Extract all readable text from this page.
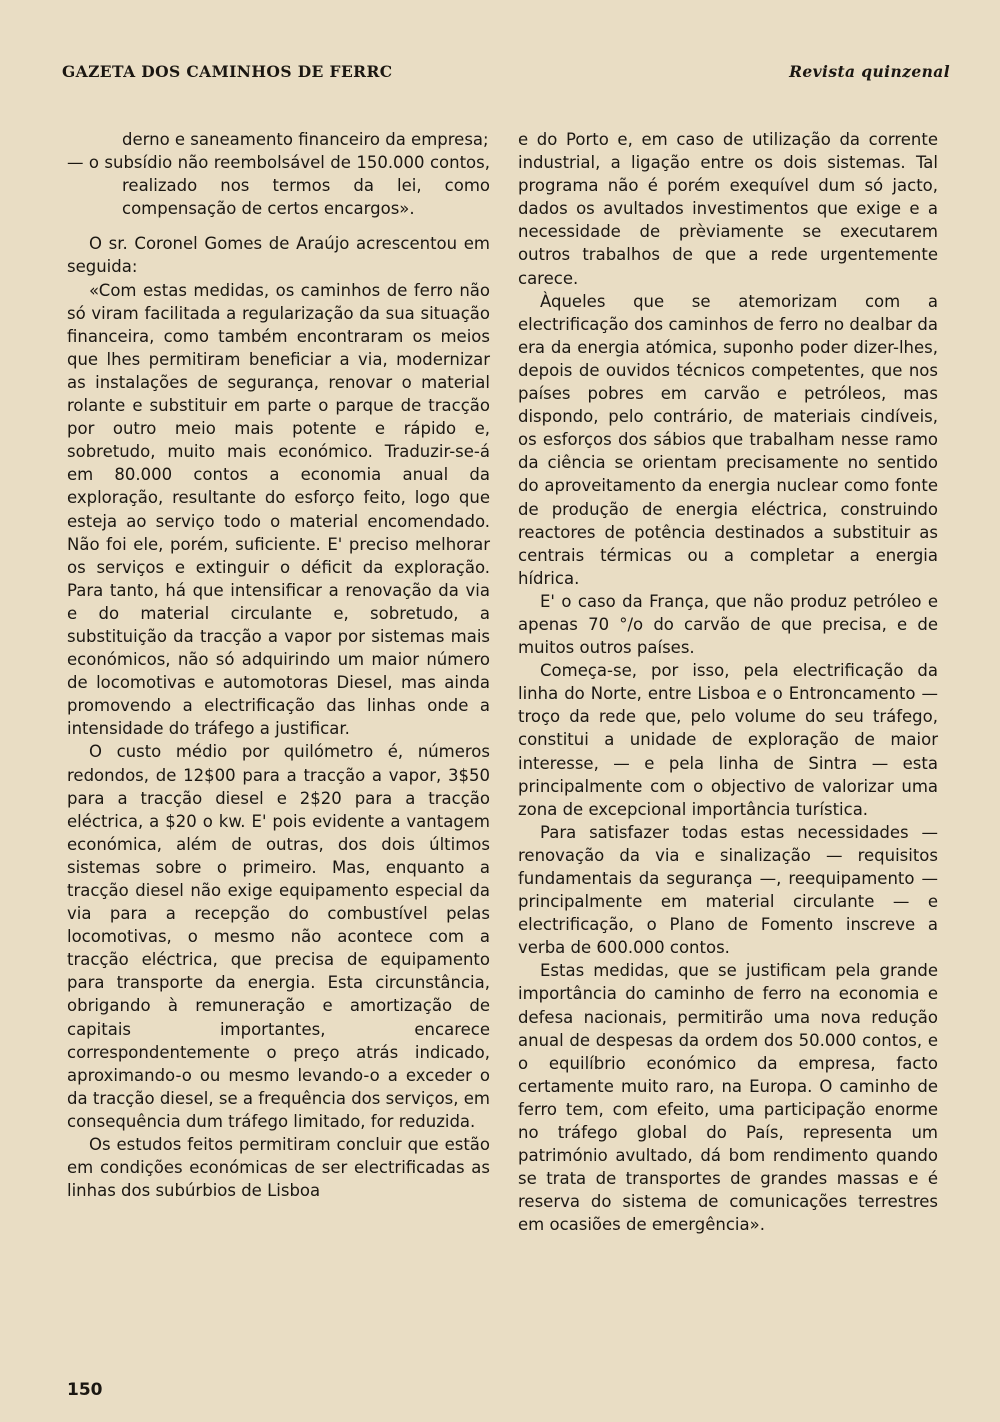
GAZETA DOS CAMINHOS DE FERRC	Revista quinzenal

derno e saneamento financeiro da empresa;

— o subsídio não reembolsável de 150.000 contos, realizado nos termos da lei, como compensação de certos encargos».

O sr. Coronel Gomes de Araújo acrescentou em seguida:

«Com estas medidas, os caminhos de ferro não só viram facilitada a regularização da sua situação financeira, como também encontraram os meios que lhes permitiram beneficiar a via, modernizar as instalações de segurança, renovar o material rolante e substituir em parte o parque de tracção por outro meio mais potente e rápido e, sobretudo, muito mais económico. Traduzir-se-á em 80.000 contos a economia anual da exploração, resultante do esforço feito, logo que esteja ao serviço todo o material encomendado. Não foi ele, porém, suficiente. E' preciso melhorar os serviços e extinguir o déficit da exploração. Para tanto, há que intensificar a renovação da via e do material circulante e, sobretudo, a substituição da tracção a vapor por sistemas mais económicos, não só adquirindo um maior número de locomotivas e automotoras Diesel, mas ainda promovendo a electrificação das linhas onde a intensidade do tráfego a justificar.

O custo médio por quilómetro é, números redondos, de 12$00 para a tracção a vapor, 3$50 para a tracção diesel e 2$20 para a tracção eléctrica, a $20 o kw. E' pois evidente a vantagem económica, além de outras, dos dois últimos sistemas sobre o primeiro. Mas, enquanto a tracção diesel não exige equipamento especial da via para a recepção do combustível pelas locomotivas, o mesmo não acontece com a tracção eléctrica, que precisa de equipamento para transporte da energia. Esta circunstância, obrigando à remuneração e amortização de capitais importantes, encarece correspondentemente o preço atrás indicado, aproximando-o ou mesmo levando-o a exceder o da tracção diesel, se a frequência dos serviços, em consequência dum tráfego limitado, for reduzida.

Os estudos feitos permitiram concluir que estão em condições económicas de ser electrificadas as linhas dos subúrbios de Lisboa

e do Porto e, em caso de utilização da corrente industrial, a ligação entre os dois sistemas. Tal programa não é porém exequível dum só jacto, dados os avultados investimentos que exige e a necessidade de prèviamente se executarem outros trabalhos de que a rede urgentemente carece.

Àqueles que se atemorizam com a electrificação dos caminhos de ferro no dealbar da era da energia atómica, suponho poder dizer-lhes, depois de ouvidos técnicos competentes, que nos países pobres em carvão e petróleos, mas dispondo, pelo contrário, de materiais cindíveis, os esforços dos sábios que trabalham nesse ramo da ciência se orientam precisamente no sentido do aproveitamento da energia nuclear como fonte de produção de energia eléctrica, construindo reactores de potência destinados a substituir as centrais térmicas ou a completar a energia hídrica.

E' o caso da França, que não produz petróleo e apenas 70 °/o do carvão de que precisa, e de muitos outros países.

Começa-se, por isso, pela electrificação da linha do Norte, entre Lisboa e o Entroncamento — troço da rede que, pelo volume do seu tráfego, constitui a unidade de exploração de maior interesse, — e pela linha de Sintra — esta principalmente com o objectivo de valorizar uma zona de excepcional importância turística.

Para satisfazer todas estas necessidades — renovação da via e sinalização — requisitos fundamentais da segurança —, reequipamento — principalmente em material circulante — e electrificação, o Plano de Fomento inscreve a verba de 600.000 contos.

Estas medidas, que se justificam pela grande importância do caminho de ferro na economia e defesa nacionais, permitirão uma nova redução anual de despesas da ordem dos 50.000 contos, e o equilíbrio económico da empresa, facto certamente muito raro, na Europa. O caminho de ferro tem, com efeito, uma participação enorme no tráfego global do País, representa um património avultado, dá bom rendimento quando se trata de transportes de grandes massas e é reserva do sistema de comunicações terrestres em ocasiões de emergência».

150
